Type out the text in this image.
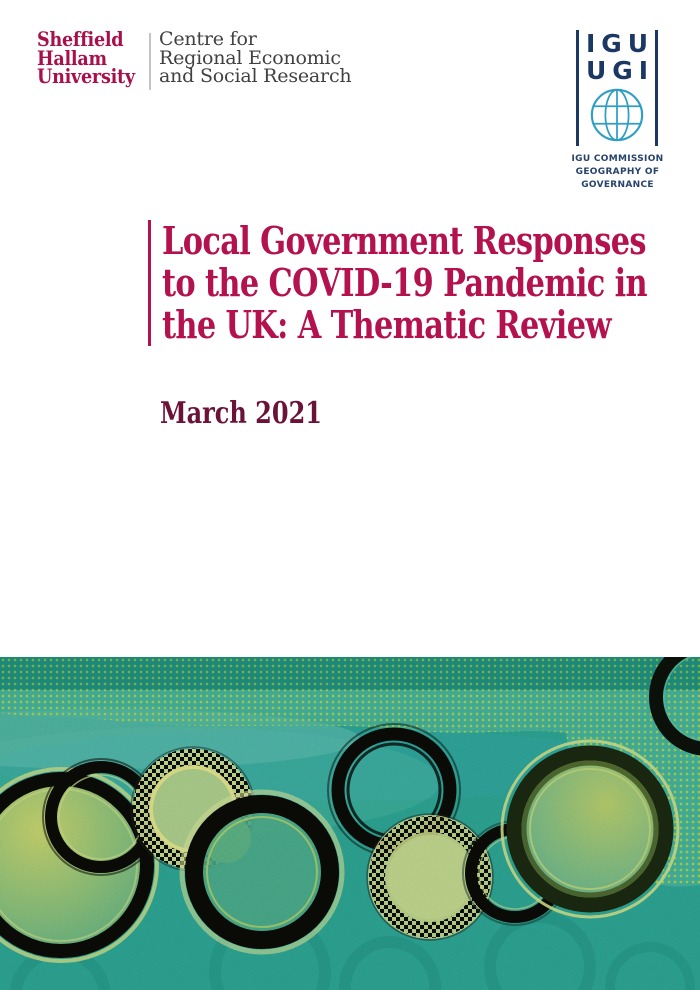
Sheffield
Hallam
University
Centre for
Regional Economic
and Social Research
IGU
UGI
IGU COMMISSION
GEOGRAPHY OF
GOVERNANCE
Local Government Responses
to the COVID-19 Pandemic in
the UK: A Thematic Review
March 2021
